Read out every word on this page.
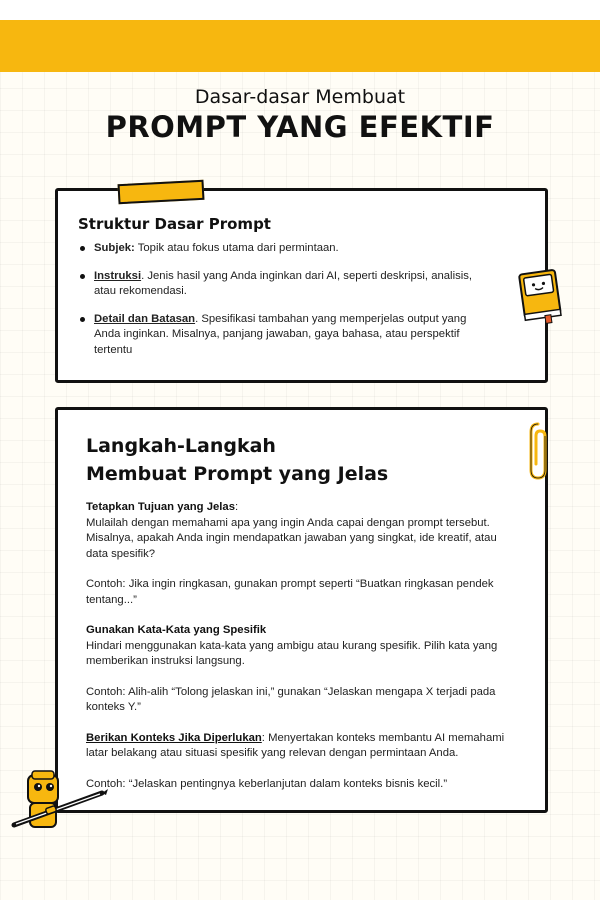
Dasar-dasar Membuat
PROMPT YANG EFEKTIF
Struktur Dasar Prompt
Subjek: Topik atau fokus utama dari permintaan.
Instruksi. Jenis hasil yang Anda inginkan dari AI, seperti deskripsi, analisis, atau rekomendasi.
Detail dan Batasan. Spesifikasi tambahan yang memperjelas output yang Anda inginkan. Misalnya, panjang jawaban, gaya bahasa, atau perspektif tertentu
Langkah-Langkah
Membuat Prompt yang Jelas

Tetapkan Tujuan yang Jelas:
Mulailah dengan memahami apa yang ingin Anda capai dengan prompt tersebut. Misalnya, apakah Anda ingin mendapatkan jawaban yang singkat, ide kreatif, atau data spesifik?

Contoh: Jika ingin ringkasan, gunakan prompt seperti “Buatkan ringkasan pendek tentang...”

Gunakan Kata-Kata yang Spesifik
Hindari menggunakan kata-kata yang ambigu atau kurang spesifik. Pilih kata yang memberikan instruksi langsung.

Contoh: Alih-alih “Tolong jelaskan ini,” gunakan “Jelaskan mengapa X terjadi pada konteks Y.”

Berikan Konteks Jika Diperlukan: Menyertakan konteks membantu AI memahami latar belakang atau situasi spesifik yang relevan dengan permintaan Anda.

Contoh: “Jelaskan pentingnya keberlanjutan dalam konteks bisnis kecil.”
